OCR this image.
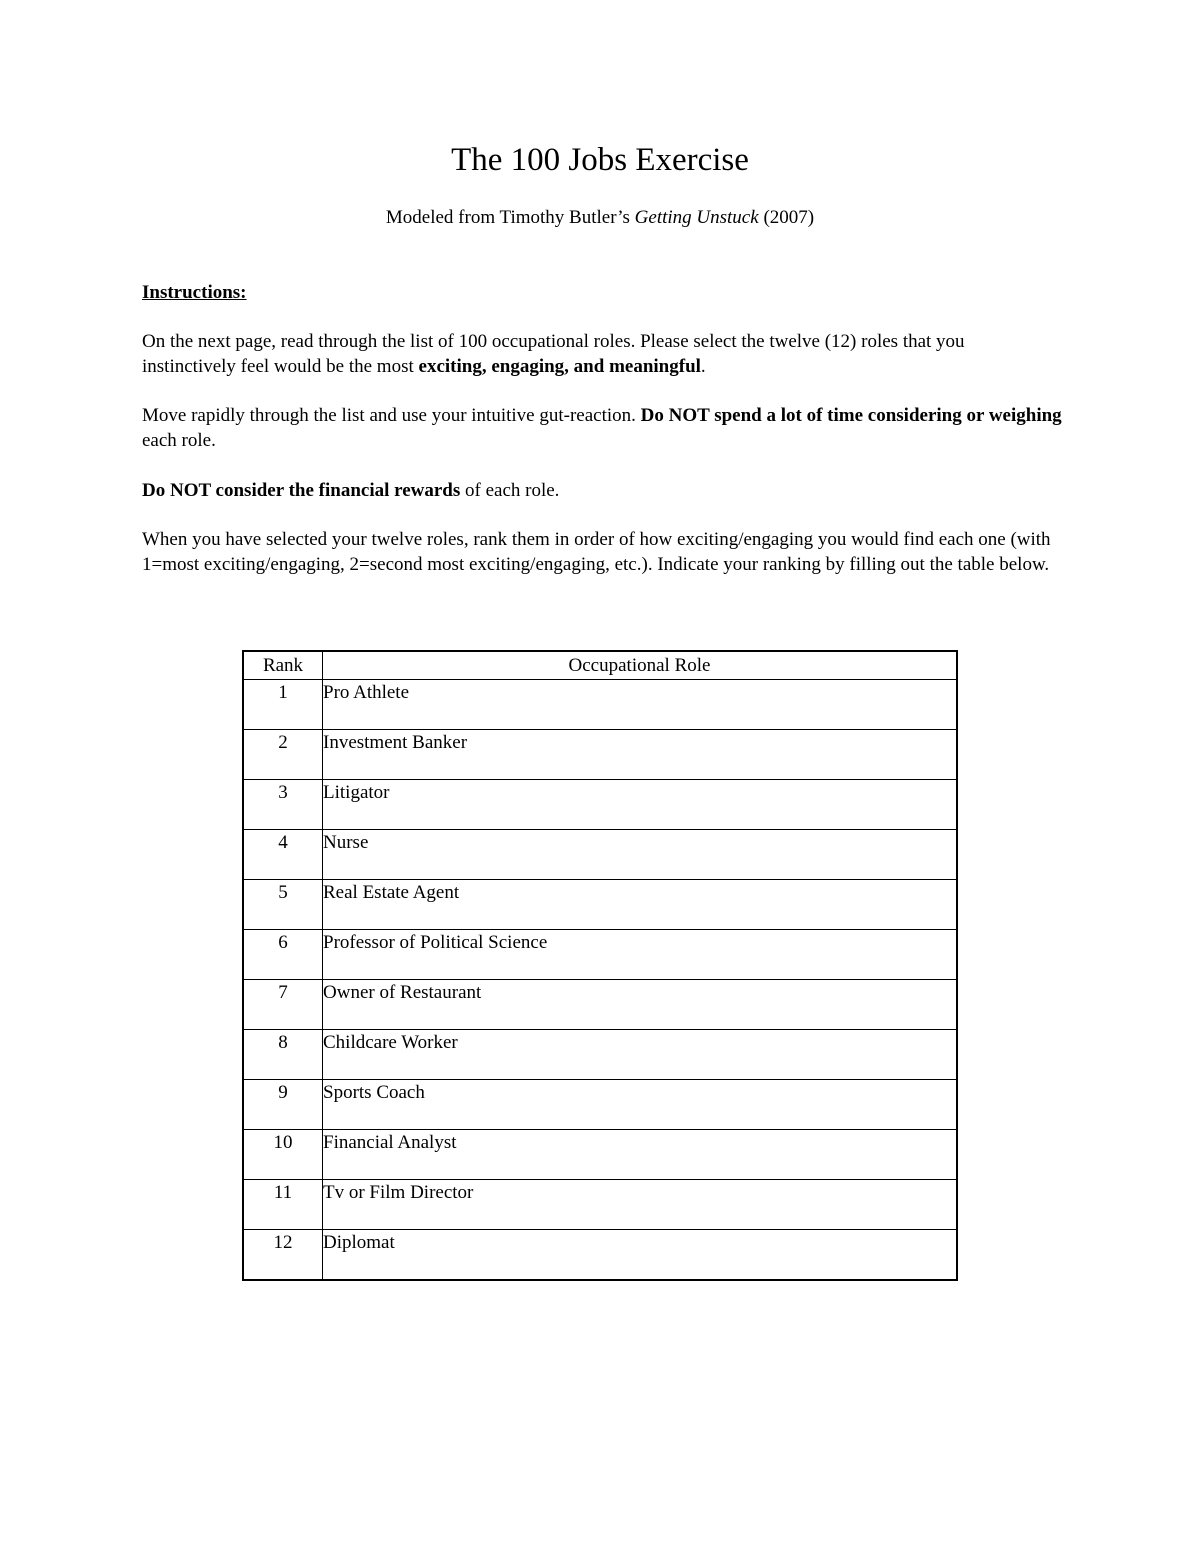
The 100 Jobs Exercise
Modeled from Timothy Butler’s Getting Unstuck (2007)
Instructions:
On the next page, read through the list of 100 occupational roles. Please select the twelve (12) roles that you instinctively feel would be the most exciting, engaging, and meaningful.
Move rapidly through the list and use your intuitive gut-reaction. Do NOT spend a lot of time considering or weighing each role.
Do NOT consider the financial rewards of each role.
When you have selected your twelve roles, rank them in order of how exciting/engaging you would find each one (with 1=most exciting/engaging, 2=second most exciting/engaging, etc.). Indicate your ranking by filling out the table below.
Rank	Occupational Role
1	Pro Athlete
2	Investment Banker
3	Litigator
4	Nurse
5	Real Estate Agent
6	Professor of Political Science
7	Owner of Restaurant
8	Childcare Worker
9	Sports Coach
10	Financial Analyst
11	Tv or Film Director
12	Diplomat
